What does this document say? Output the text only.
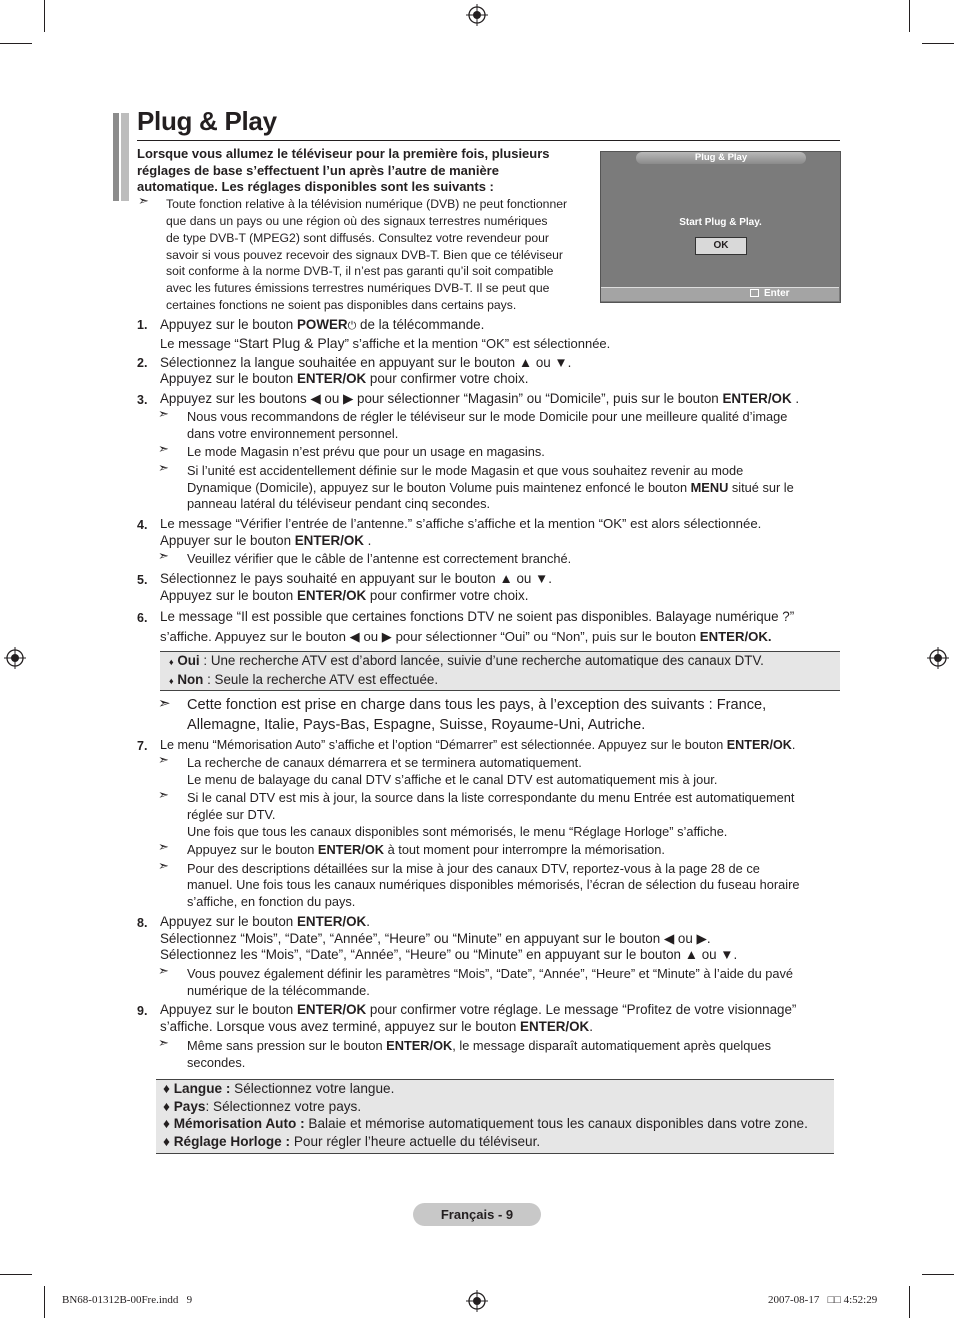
Plug & Play
Lorsque vous allumez le téléviseur pour la première fois, plusieurs réglages de base s’effectuent l’un après l’autre de manière automatique. Les réglages disponibles sont les suivants :
➣ Toute fonction relative à la télévision numérique (DVB) ne peut fonctionner
que dans un pays ou une région où des signaux terrestres numériques
de type DVB-T (MPEG2) sont diffusés. Consultez votre revendeur pour
savoir si vous pouvez recevoir des signaux DVB-T. Bien que ce téléviseur
soit conforme à la norme DVB-T, il n’est pas garanti qu’il soit compatible
avec les futures émissions terrestres numériques DVB-T. Il se peut que
certaines fonctions ne soient pas disponibles dans certains pays.
Plug & Play
Start Plug & Play.
OK
Enter
1. Appuyez sur le bouton POWER⏻ de la télécommande.
Le message “Start Plug & Play” s’affiche et la mention “OK” est sélectionnée.
2. Sélectionnez la langue souhaitée en appuyant sur le bouton ▲ ou ▼.
Appuyez sur le bouton ENTER/OK pour confirmer votre choix.
3. Appuyez sur les boutons ◀ ou ▶ pour sélectionner “Magasin” ou “Domicile”, puis sur le bouton ENTER/OK .
➣ Nous vous recommandons de régler le téléviseur sur le mode Domicile pour une meilleure qualité d’image
dans votre environnement personnel.
➣ Le mode Magasin n’est prévu que pour un usage en magasins.
➣ Si l’unité est accidentellement définie sur le mode Magasin et que vous souhaitez revenir au mode
Dynamique (Domicile), appuyez sur le bouton Volume puis maintenez enfoncé le bouton MENU situé sur le
panneau latéral du téléviseur pendant cinq secondes.
4. Le message “Vérifier l’entrée de l’antenne.” s’affiche s’affiche et la mention “OK” est alors sélectionnée.
Appuyer sur le bouton ENTER/OK .
➣ Veuillez vérifier que le câble de l’antenne est correctement branché.
5. Sélectionnez le pays souhaité en appuyant sur le bouton ▲ ou ▼.
Appuyez sur le bouton ENTER/OK pour confirmer votre choix.
6. Le message “Il est possible que certaines fonctions DTV ne soient pas disponibles. Balayage numérique ?”
s’affiche. Appuyez sur le bouton ◀ ou ▶ pour sélectionner “Oui” ou “Non”, puis sur le bouton ENTER/OK.
♦ Oui : Une recherche ATV est d’abord lancée, suivie d’une recherche automatique des canaux DTV.
♦ Non : Seule la recherche ATV est effectuée.
➣ Cette fonction est prise en charge dans tous les pays, à l’exception des suivants : France,
Allemagne, Italie, Pays-Bas, Espagne, Suisse, Royaume-Uni, Autriche.
7. Le menu “Mémorisation Auto” s’affiche et l’option “Démarrer” est sélectionnée. Appuyez sur le bouton ENTER/OK.
➣ La recherche de canaux démarrera et se terminera automatiquement.
Le menu de balayage du canal DTV s’affiche et le canal DTV est automatiquement mis à jour.
➣ Si le canal DTV est mis à jour, la source dans la liste correspondante du menu Entrée est automatiquement
réglée sur DTV.
Une fois que tous les canaux disponibles sont mémorisés, le menu “Réglage Horloge” s’affiche.
➣ Appuyez sur le bouton ENTER/OK à tout moment pour interrompre la mémorisation.
➣ Pour des descriptions détaillées sur la mise à jour des canaux DTV, reportez-vous à la page 28 de ce
manuel. Une fois tous les canaux numériques disponibles mémorisés, l’écran de sélection du fuseau horaire
s’affiche, en fonction du pays.
8. Appuyez sur le bouton ENTER/OK.
Sélectionnez “Mois”, “Date”, “Année”, “Heure” ou “Minute” en appuyant sur le bouton ◀ ou ▶.
Sélectionnez les “Mois”, “Date”, “Année”, “Heure” ou “Minute” en appuyant sur le bouton ▲ ou ▼.
➣ Vous pouvez également définir les paramètres “Mois”, “Date”, “Année”, “Heure” et “Minute” à l’aide du pavé
numérique de la télécommande.
9. Appuyez sur le bouton ENTER/OK pour confirmer votre réglage. Le message “Profitez de votre visionnage”
s’affiche. Lorsque vous avez terminé, appuyez sur le bouton ENTER/OK.
➣ Même sans pression sur le bouton ENTER/OK, le message disparaît automatiquement après quelques
secondes.
♦ Langue : Sélectionnez votre langue.
♦ Pays: Sélectionnez votre pays.
♦ Mémorisation Auto : Balaie et mémorise automatiquement tous les canaux disponibles dans votre zone.
♦ Réglage Horloge : Pour régler l’heure actuelle du téléviseur.
Français - 9
BN68-01312B-00Fre.indd   9	2007-08-17   □□ 4:52:29
